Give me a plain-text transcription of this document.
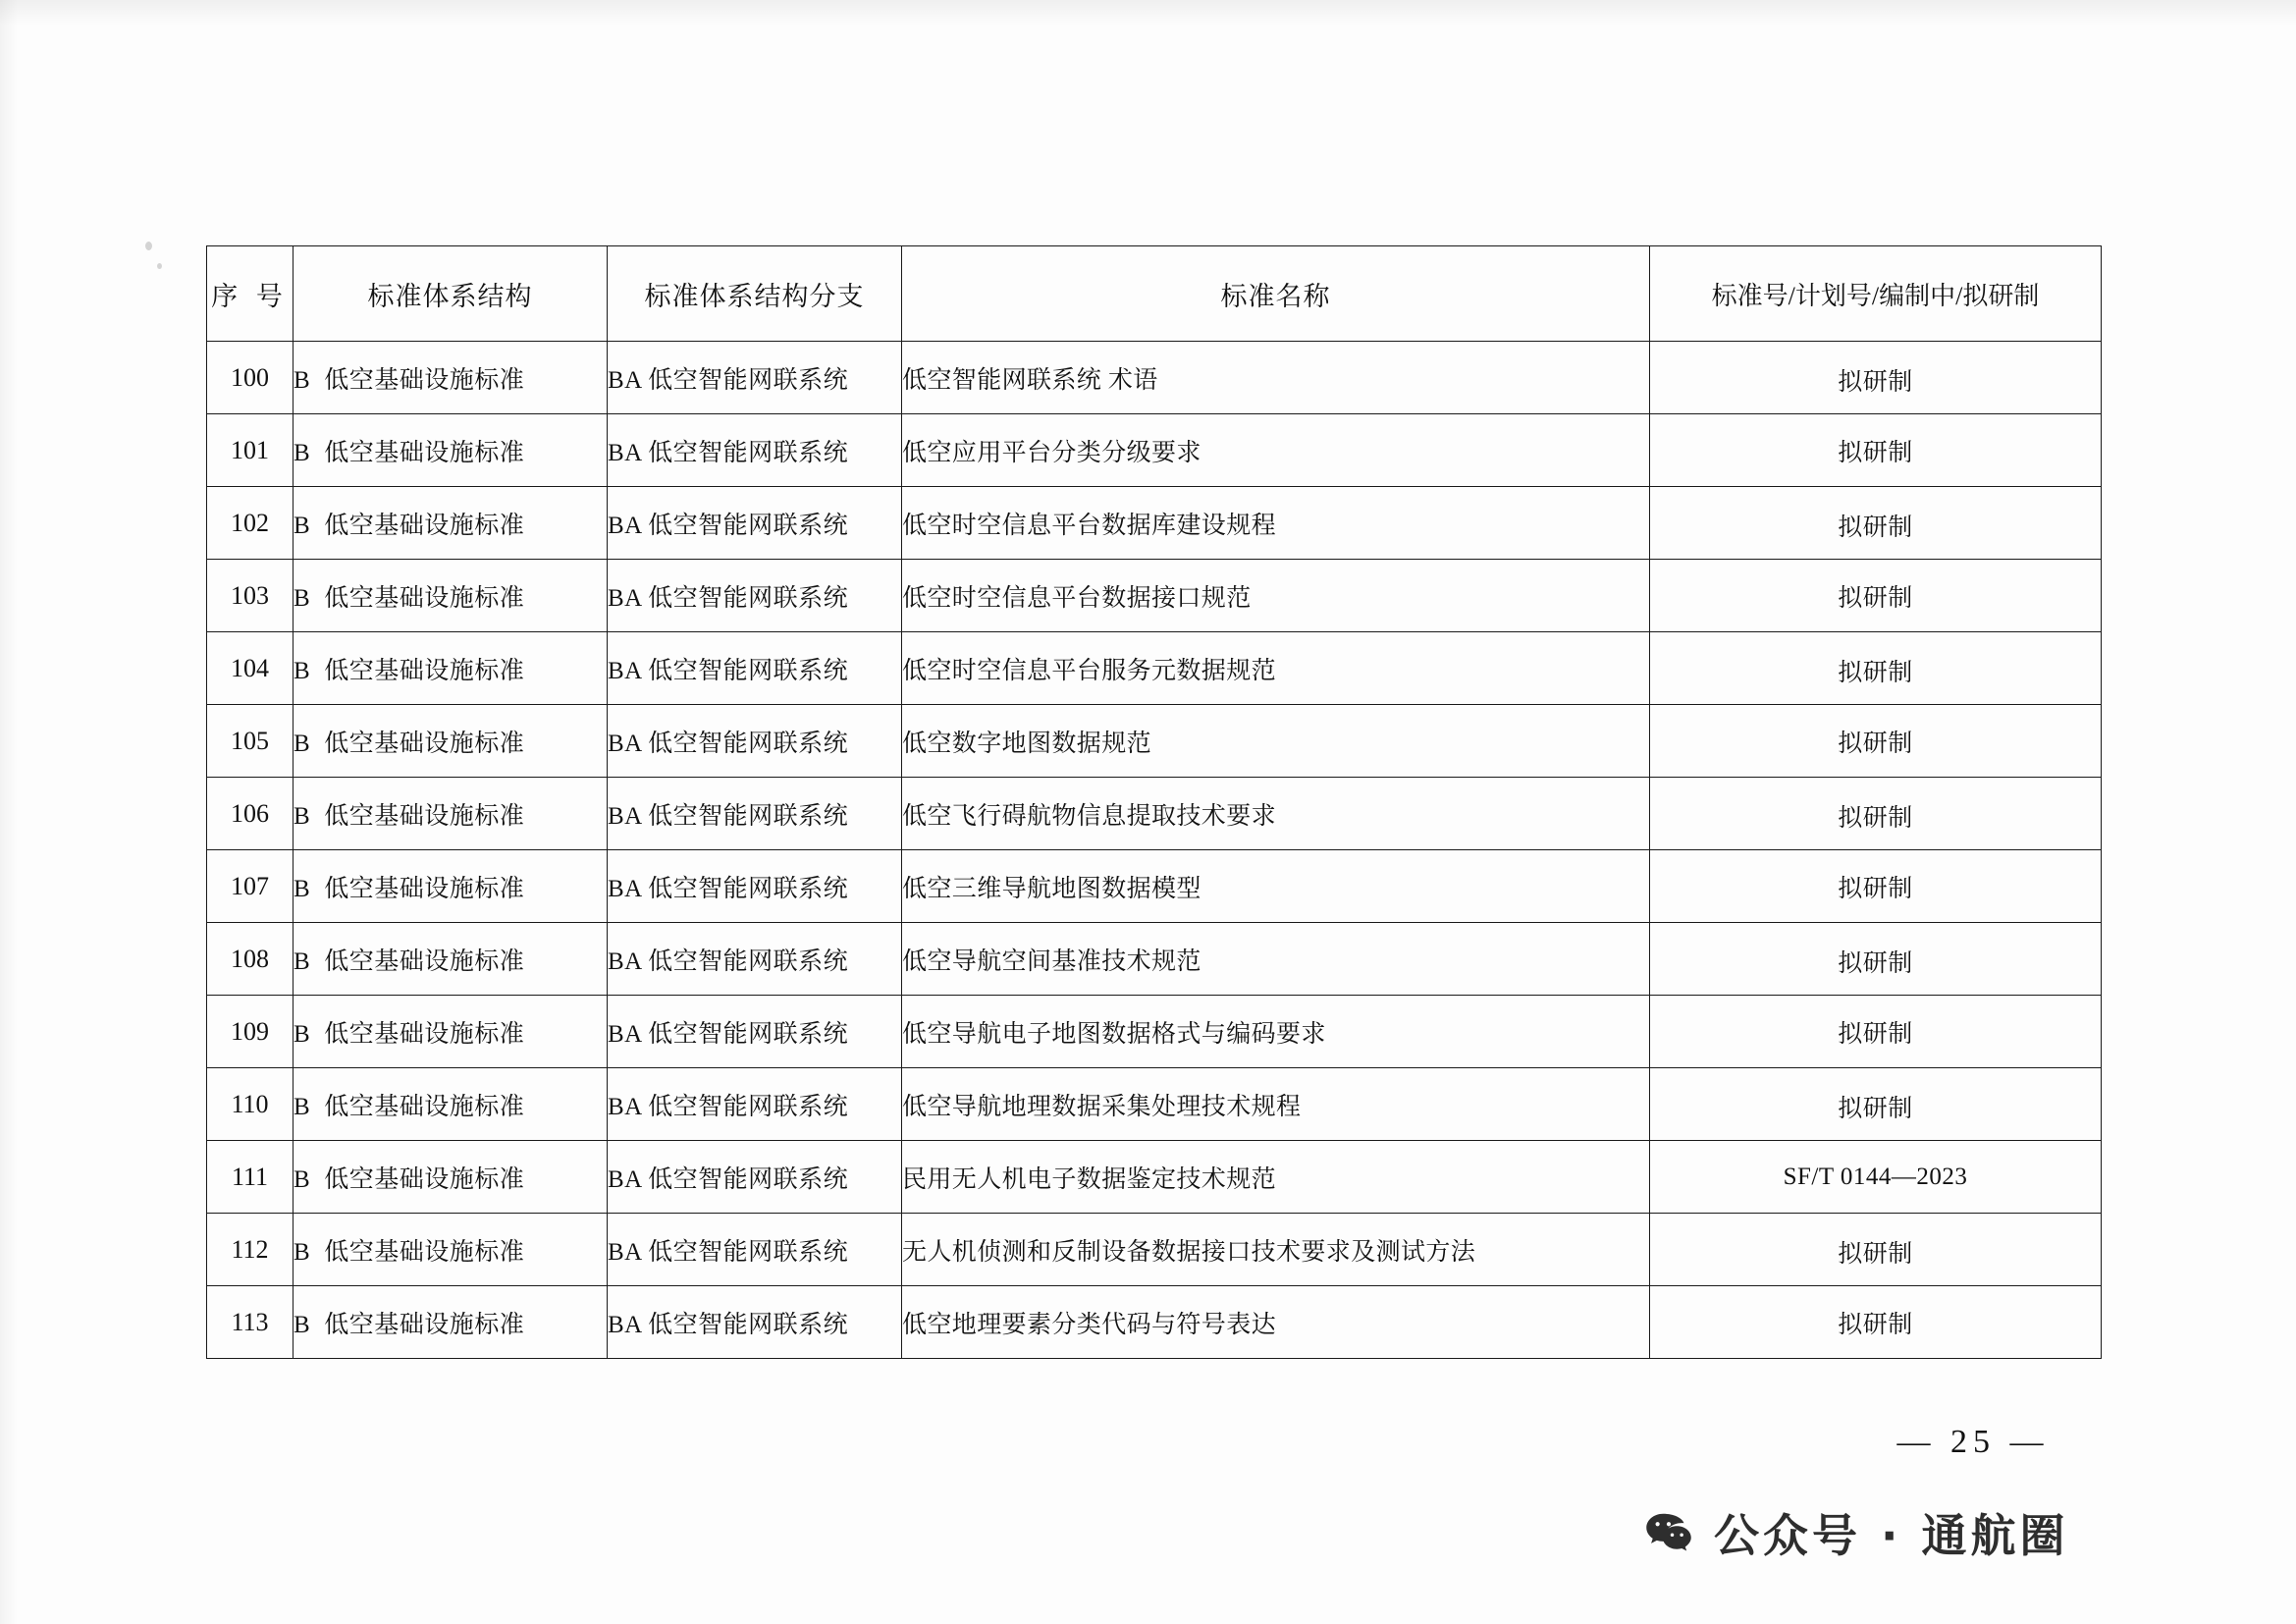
序 号	标准体系结构	标准体系结构分支	标准名称	标准号/计划号/编制中/拟研制
100	B 低空基础设施标准	BA 低空智能网联系统	低空智能网联系统 术语	拟研制
101	B 低空基础设施标准	BA 低空智能网联系统	低空应用平台分类分级要求	拟研制
102	B 低空基础设施标准	BA 低空智能网联系统	低空时空信息平台数据库建设规程	拟研制
103	B 低空基础设施标准	BA 低空智能网联系统	低空时空信息平台数据接口规范	拟研制
104	B 低空基础设施标准	BA 低空智能网联系统	低空时空信息平台服务元数据规范	拟研制
105	B 低空基础设施标准	BA 低空智能网联系统	低空数字地图数据规范	拟研制
106	B 低空基础设施标准	BA 低空智能网联系统	低空飞行碍航物信息提取技术要求	拟研制
107	B 低空基础设施标准	BA 低空智能网联系统	低空三维导航地图数据模型	拟研制
108	B 低空基础设施标准	BA 低空智能网联系统	低空导航空间基准技术规范	拟研制
109	B 低空基础设施标准	BA 低空智能网联系统	低空导航电子地图数据格式与编码要求	拟研制
110	B 低空基础设施标准	BA 低空智能网联系统	低空导航地理数据采集处理技术规程	拟研制
111	B 低空基础设施标准	BA 低空智能网联系统	民用无人机电子数据鉴定技术规范	SF/T 0144—2023
112	B 低空基础设施标准	BA 低空智能网联系统	无人机侦测和反制设备数据接口技术要求及测试方法	拟研制
113	B 低空基础设施标准	BA 低空智能网联系统	低空地理要素分类代码与符号表达	拟研制
— 25 —
公众号 · 通航圈
